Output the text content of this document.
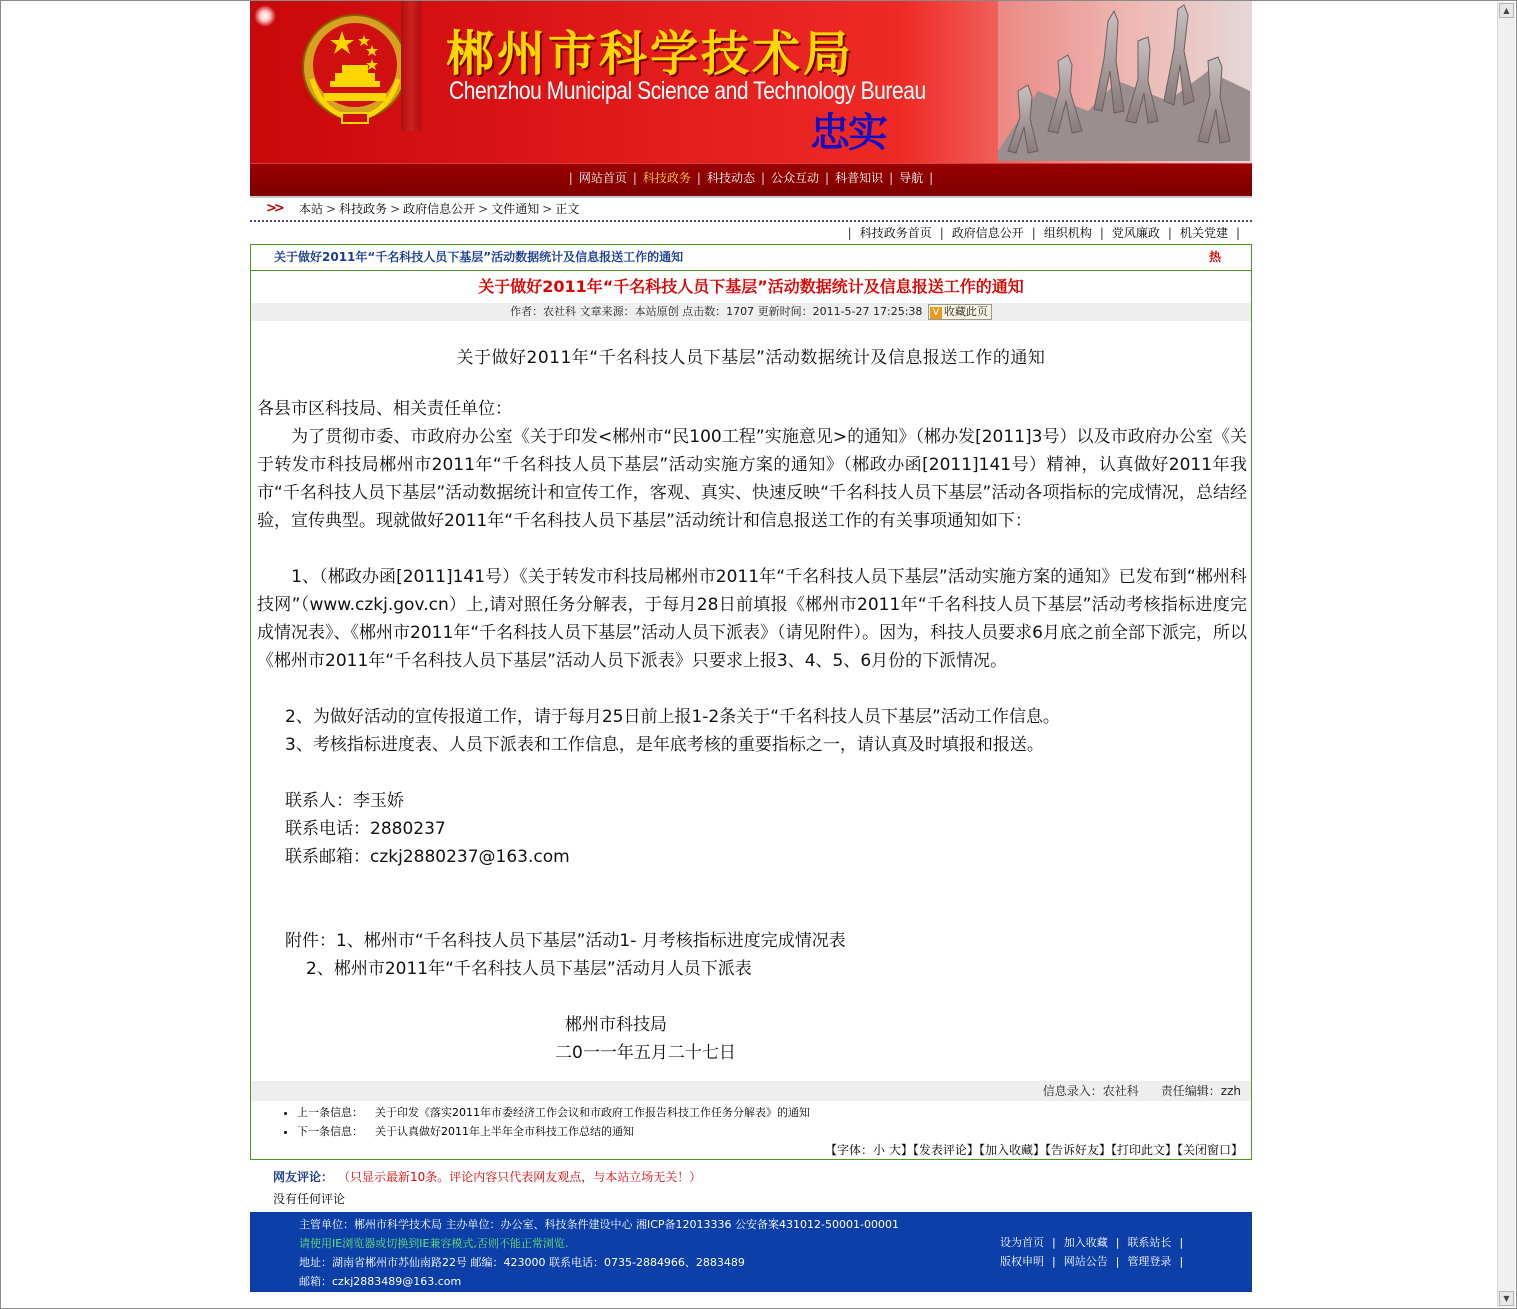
▲
▼
郴州市科学技术局
Chenzhou Municipal Science and Technology Bureau
忠实
| 网站首页 | 科技政务 | 科技动态 | 公众互动 | 科普知识 | 导航 |
>> 本站 > 科技政务 > 政府信息公开 > 文件通知 > 正文
| 科技政务首页 | 政府信息公开 | 组织机构 | 党风廉政 | 机关党建 |
关于做好2011年“千名科技人员下基层”活动数据统计及信息报送工作的通知	热
关于做好2011年“千名科技人员下基层”活动数据统计及信息报送工作的通知
作者：农社科 文章来源：本站原创 点击数：1707 更新时间：2011-5-27 17:25:38 V 收藏此页
关于做好2011年“千名科技人员下基层”活动数据统计及信息报送工作的通知
各县市区科技局、相关责任单位：
　　为了贯彻市委、市政府办公室《关于印发<郴州市“民100工程”实施意见>的通知》（郴办发[2011]3号）以及市政府办公室《关于转发市科技局郴州市2011年“千名科技人员下基层”活动实施方案的通知》（郴政办函[2011]141号）精神，认真做好2011年我市“千名科技人员下基层”活动数据统计和宣传工作，客观、真实、快速反映“千名科技人员下基层”活动各项指标的完成情况，总结经验，宣传典型。现就做好2011年“千名科技人员下基层”活动统计和信息报送工作的有关事项通知如下：
　　1、（郴政办函[2011]141号）《关于转发市科技局郴州市2011年“千名科技人员下基层”活动实施方案的通知》已发布到“郴州科技网”（www.czkj.gov.cn）上,请对照任务分解表，于每月28日前填报《郴州市2011年“千名科技人员下基层”活动考核指标进度完成情况表》、《郴州市2011年“千名科技人员下基层”活动人员下派表》（请见附件）。因为，科技人员要求6月底之前全部下派完，所以《郴州市2011年“千名科技人员下基层”活动人员下派表》只要求上报3、4、5、6月份的下派情况。
2、为做好活动的宣传报道工作，请于每月25日前上报1-2条关于“千名科技人员下基层”活动工作信息。
3、考核指标进度表、人员下派表和工作信息，是年底考核的重要指标之一，请认真及时填报和报送。
联系人：李玉娇
联系电话：2880237
联系邮箱：czkj2880237@163.com
附件：1、郴州市“千名科技人员下基层”活动1- 月考核指标进度完成情况表
2、郴州市2011年“千名科技人员下基层”活动月人员下派表
郴州市科技局
二0一一年五月二十七日
信息录入：农社科 责任编辑：zzh
• 上一条信息： 关于印发《落实2011年市委经济工作会议和市政府工作报告科技工作任务分解表》的通知
• 下一条信息： 关于认真做好2011年上半年全市科技工作总结的通知
【字体：小 大】【发表评论】【加入收藏】【告诉好友】【打印此文】【关闭窗口】
网友评论： （只显示最新10条。评论内容只代表网友观点，与本站立场无关！）
没有任何评论
主管单位：郴州市科学技术局 主办单位：办公室、科技条件建设中心 湘ICP备12013336 公安备案431012-50001-00001
请使用IE浏览器或切换到IE兼容模式,否则不能正常浏览.
地址：湖南省郴州市苏仙南路22号 邮编：423000 联系电话：0735-2884966、2883489
邮箱：czkj2883489@163.com
设为首页 | 加入收藏 | 联系站长 |
版权申明 | 网站公告 | 管理登录 |
